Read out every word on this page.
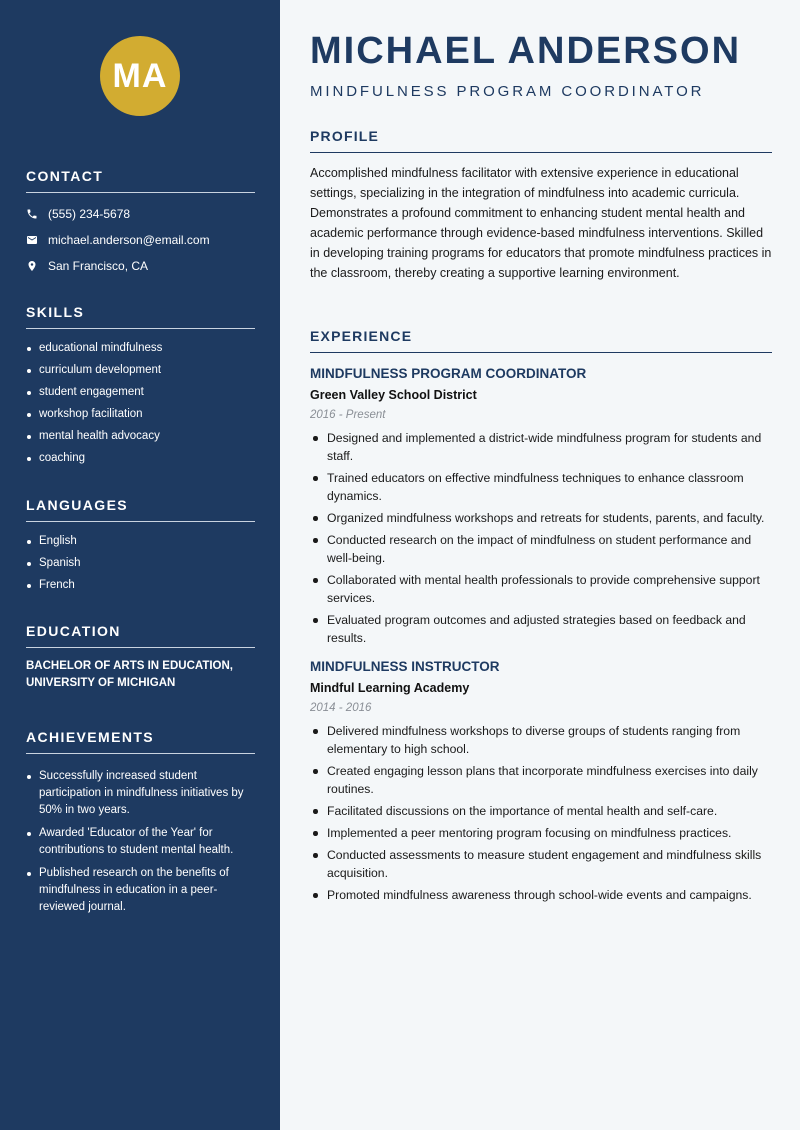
MA
CONTACT
(555) 234-5678
michael.anderson@email.com
San Francisco, CA
SKILLS
educational mindfulness
curriculum development
student engagement
workshop facilitation
mental health advocacy
coaching
LANGUAGES
English
Spanish
French
EDUCATION
BACHELOR OF ARTS IN EDUCATION, UNIVERSITY OF MICHIGAN
ACHIEVEMENTS
Successfully increased student participation in mindfulness initiatives by 50% in two years.
Awarded 'Educator of the Year' for contributions to student mental health.
Published research on the benefits of mindfulness in education in a peer-reviewed journal.
MICHAEL ANDERSON
MINDFULNESS PROGRAM COORDINATOR
PROFILE

Accomplished mindfulness facilitator with extensive experience in educational settings, specializing in the integration of mindfulness into academic curricula. Demonstrates a profound commitment to enhancing student mental health and academic performance through evidence-based mindfulness interventions. Skilled in developing training programs for educators that promote mindfulness practices in the classroom, thereby creating a supportive learning environment.

EXPERIENCE
MINDFULNESS PROGRAM COORDINATOR
Green Valley School District
2016 - Present
Designed and implemented a district-wide mindfulness program for students and staff.
Trained educators on effective mindfulness techniques to enhance classroom dynamics.
Organized mindfulness workshops and retreats for students, parents, and faculty.
Conducted research on the impact of mindfulness on student performance and well-being.
Collaborated with mental health professionals to provide comprehensive support services.
Evaluated program outcomes and adjusted strategies based on feedback and results.
MINDFULNESS INSTRUCTOR
Mindful Learning Academy
2014 - 2016
Delivered mindfulness workshops to diverse groups of students ranging from elementary to high school.
Created engaging lesson plans that incorporate mindfulness exercises into daily routines.
Facilitated discussions on the importance of mental health and self-care.
Implemented a peer mentoring program focusing on mindfulness practices.
Conducted assessments to measure student engagement and mindfulness skills acquisition.
Promoted mindfulness awareness through school-wide events and campaigns.
